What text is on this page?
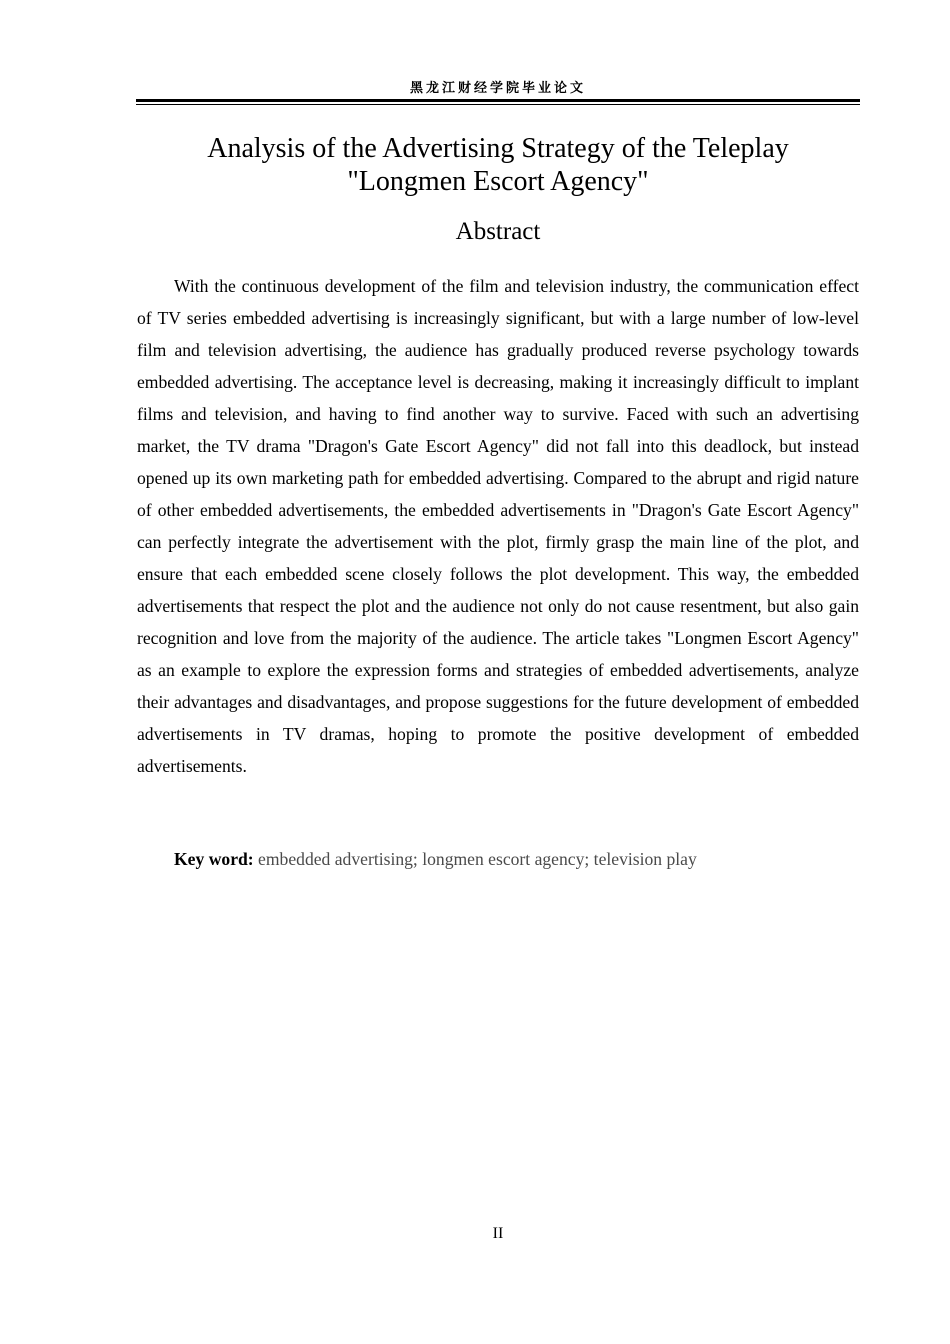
黑龙江财经学院毕业论文
Analysis of the Advertising Strategy of the Teleplay
"Longmen Escort Agency"
Abstract

With the continuous development of the film and television industry, the communication effect of TV series embedded advertising is increasingly significant, but with a large number of low-level film and television advertising, the audience has gradually produced reverse psychology towards embedded advertising. The acceptance level is decreasing, making it increasingly difficult to implant films and television, and having to find another way to survive. Faced with such an advertising market, the TV drama "Dragon's Gate Escort Agency" did not fall into this deadlock, but instead opened up its own marketing path for embedded advertising. Compared to the abrupt and rigid nature of other embedded advertisements, the embedded advertisements in "Dragon's Gate Escort Agency" can perfectly integrate the advertisement with the plot, firmly grasp the main line of the plot, and ensure that each embedded scene closely follows the plot development. This way, the embedded advertisements that respect the plot and the audience not only do not cause resentment, but also gain recognition and love from the majority of the audience. The article takes "Longmen Escort Agency" as an example to explore the expression forms and strategies of embedded advertisements, analyze their advantages and disadvantages, and propose suggestions for the future development of embedded advertisements in TV dramas, hoping to promote the positive development of embedded advertisements.

Key word: embedded advertising; longmen escort agency; television play
II
